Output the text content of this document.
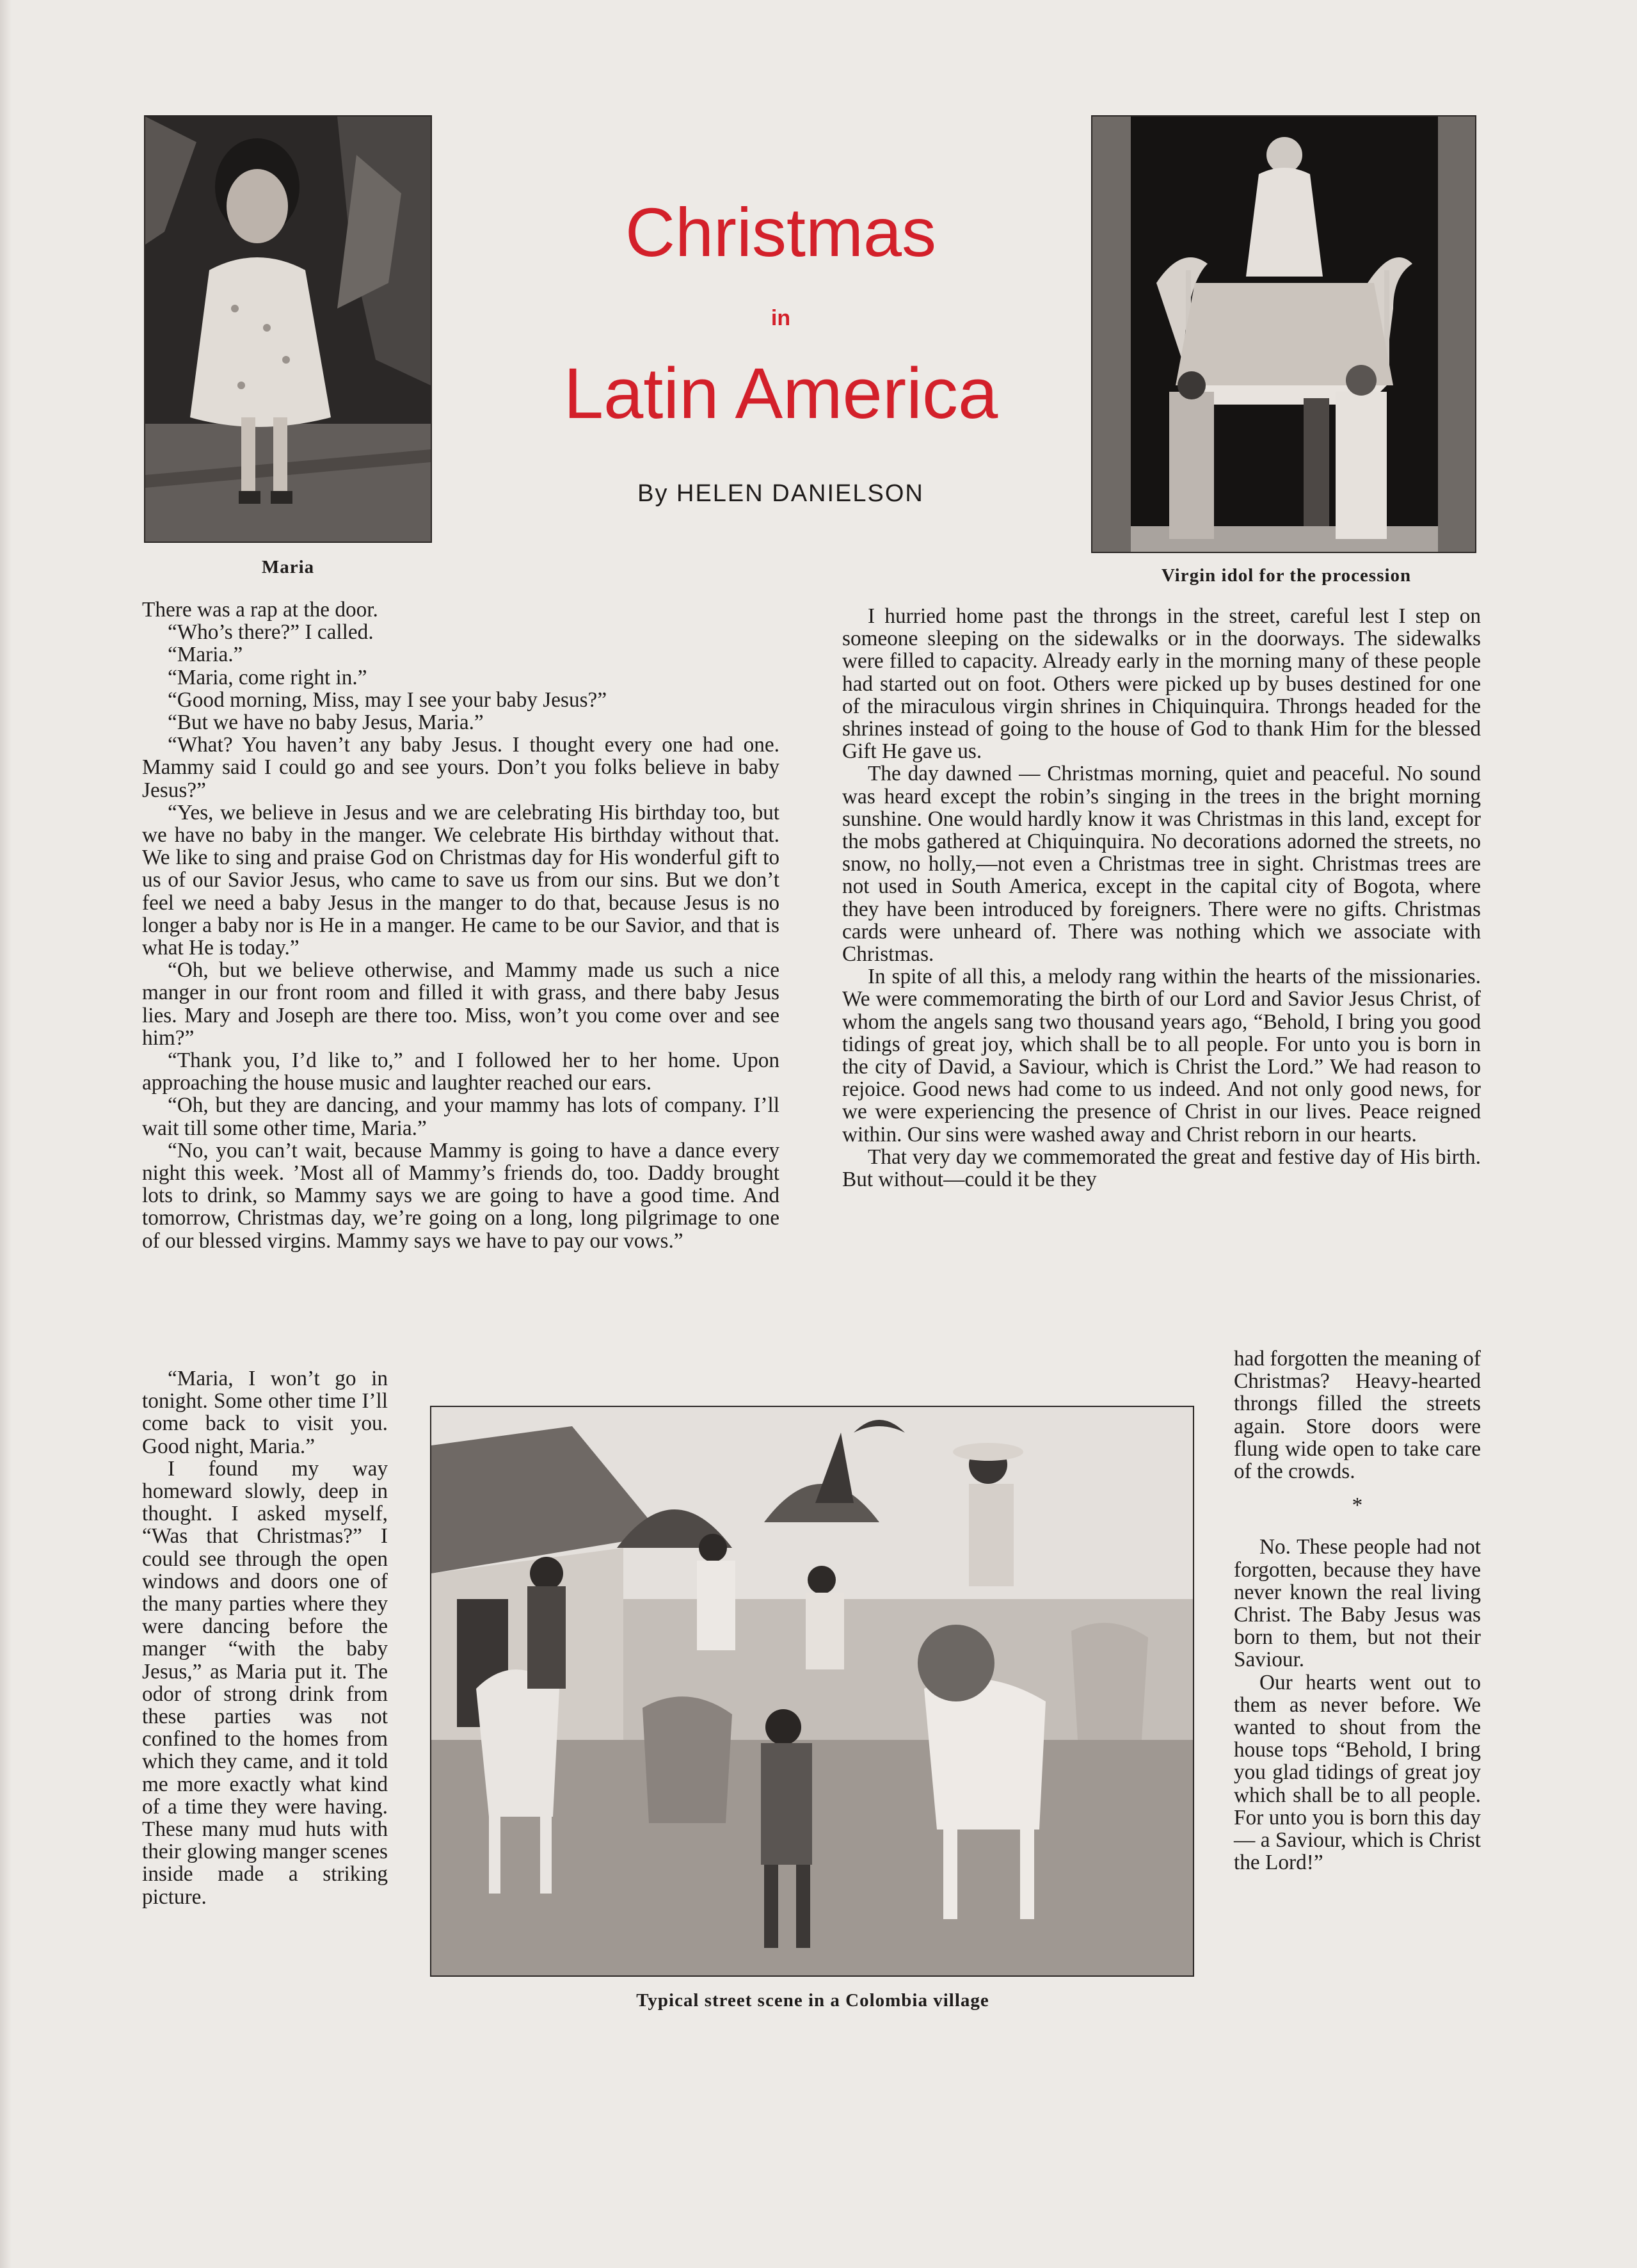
Maria
Christmas
in
Latin America
By HELEN DANIELSON
Virgin idol for the procession

There was a rap at the door.

“Who’s there?” I called.

“Maria.”

“Maria, come right in.”

“Good morning, Miss, may I see your baby Jesus?”

“But we have no baby Jesus, Maria.”

“What? You haven’t any baby Jesus. I thought every one had one. Mammy said I could go and see yours. Don’t you folks believe in baby Jesus?”

“Yes, we believe in Jesus and we are celebrating His birthday too, but we have no baby in the manger. We celebrate His birthday without that. We like to sing and praise God on Christmas day for His wonderful gift to us of our Savior Jesus, who came to save us from our sins. But we don’t feel we need a baby Jesus in the manger to do that, because Jesus is no longer a baby nor is He in a manger. He came to be our Savior, and that is what He is today.”

“Oh, but we believe otherwise, and Mammy made us such a nice manger in our front room and filled it with grass, and there baby Jesus lies. Mary and Joseph are there too. Miss, won’t you come over and see him?”

“Thank you, I’d like to,” and I followed her to her home. Upon approaching the house music and laughter reached our ears.

“Oh, but they are dancing, and your mammy has lots of company. I’ll wait till some other time, Maria.”

“No, you can’t wait, because Mammy is going to have a dance every night this week. ’Most all of Mammy’s friends do, too. Daddy brought lots to drink, so Mammy says we are going to have a good time. And tomorrow, Christmas day, we’re going on a long, long pilgrimage to one of our blessed virgins. Mammy says we have to pay our vows.”

“Maria, I won’t go in tonight. Some other time I’ll come back to visit you. Good night, Maria.”

I found my way homeward slowly, deep in thought. I asked myself, “Was that Christmas?” I could see through the open windows and doors one of the many parties where they were dancing before the manger “with the baby Jesus,” as Maria put it. The odor of strong drink from these parties was not confined to the homes from which they came, and it told me more exactly what kind of a time they were having. These many mud huts with their glowing manger scenes inside made a striking picture.

I hurried home past the throngs in the street, careful lest I step on someone sleeping on the sidewalks or in the doorways. The sidewalks were filled to capacity. Already early in the morning many of these people had started out on foot. Others were picked up by buses destined for one of the miraculous virgin shrines in Chiquinquira. Throngs headed for the shrines instead of going to the house of God to thank Him for the blessed Gift He gave us.

The day dawned — Christmas morning, quiet and peaceful. No sound was heard except the robin’s singing in the trees in the bright morning sunshine. One would hardly know it was Christmas in this land, except for the mobs gathered at Chiquinquira. No decorations adorned the streets, no snow, no holly,—not even a Christmas tree in sight. Christmas trees are not used in South America, except in the capital city of Bogota, where they have been introduced by foreigners. There were no gifts. Christmas cards were unheard of. There was nothing which we associate with Christmas.

In spite of all this, a melody rang within the hearts of the missionaries. We were commemorating the birth of our Lord and Savior Jesus Christ, of whom the angels sang two thousand years ago, “Behold, I bring you good tidings of great joy, which shall be to all people. For unto you is born in the city of David, a Saviour, which is Christ the Lord.” We had reason to rejoice. Good news had come to us indeed. And not only good news, for we were experiencing the presence of Christ in our lives. Peace reigned within. Our sins were washed away and Christ reborn in our hearts.

That very day we commemorated the great and festive day of His birth. But without—could it be they

had forgotten the meaning of Christmas? Heavy-hearted throngs filled the streets again. Store doors were flung wide open to take care of the crowds.

*

No. These people had not forgotten, because they have never known the real living Christ. The Baby Jesus was born to them, but not their Saviour.

Our hearts went out to them as never before. We wanted to shout from the house tops “Behold, I bring you glad tidings of great joy which shall be to all people. For unto you is born this day — a Saviour, which is Christ the Lord!”

Typical street scene in a Colombia village
